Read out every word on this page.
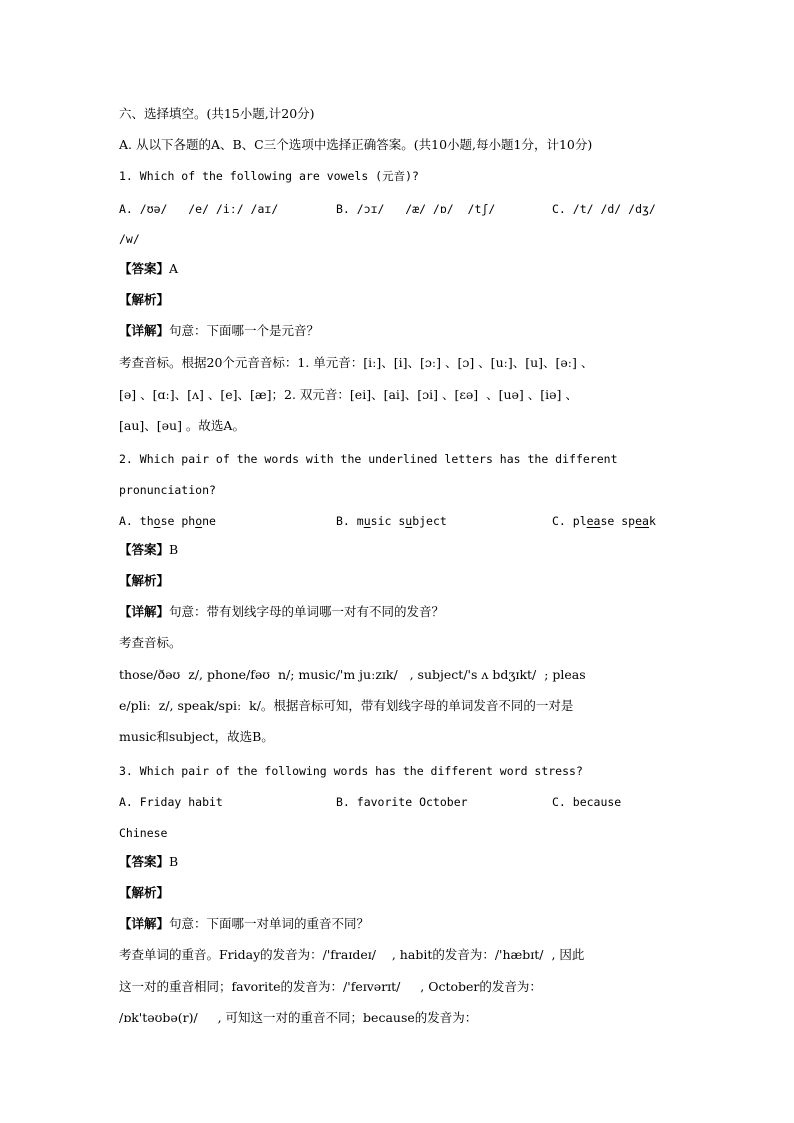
六、选择填空。(共15小题,计20分)
A. 从以下各题的A、B、C三个选项中选择正确答案。(共10小题,每小题1分，计10分)
1. Which of the following are vowels (元音)?
A. /ʊə/   /e/ /iː/ /aɪ/	B. /ɔɪ/   /æ/ /ɒ/  /tʃ/	C. /t/ /d/ /dʒ/
/w/
【答案】A
【解析】
【详解】句意：下面哪一个是元音？
考查音标。根据20个元音音标：1. 单元音：[iː]、[i]、[ɔː] 、[ɔ] 、[uː]、[u]、[əː] 、
[ə] 、[ɑː]、[ʌ] 、[e]、[æ]；2. 双元音：[ei]、[ai]、[ɔi] 、[εə]  、[uə] 、[iə] 、
[au]、[əu] 。故选A。
2. Which pair of the words with the underlined letters has the different
pronunciation?
A. those phone	B. music subject	C. please speak
【答案】B
【解析】
【详解】句意：带有划线字母的单词哪一对有不同的发音？
考查音标。
those/ðəʊ  z/, phone/fəʊ  n/; music/'m juːzɪk/   , subject/'s ʌ bdʒɪkt/  ; pleas
e/pliː  z/, speak/spiː  k/。根据音标可知，带有划线字母的单词发音不同的一对是
music和subject，故选B。
3. Which pair of the following words has the different word stress?
A. Friday habit	B. favorite October	C. because
Chinese
【答案】B
【解析】
【详解】句意：下面哪一对单词的重音不同？
考查单词的重音。Friday的发音为：/'fraɪdeɪ/    , habit的发音为：/'hæbɪt/  , 因此
这一对的重音相同；favorite的发音为：/'feɪvərɪt/     , October的发音为：
/ɒk'təʊbə(r)/     , 可知这一对的重音不同；because的发音为：
